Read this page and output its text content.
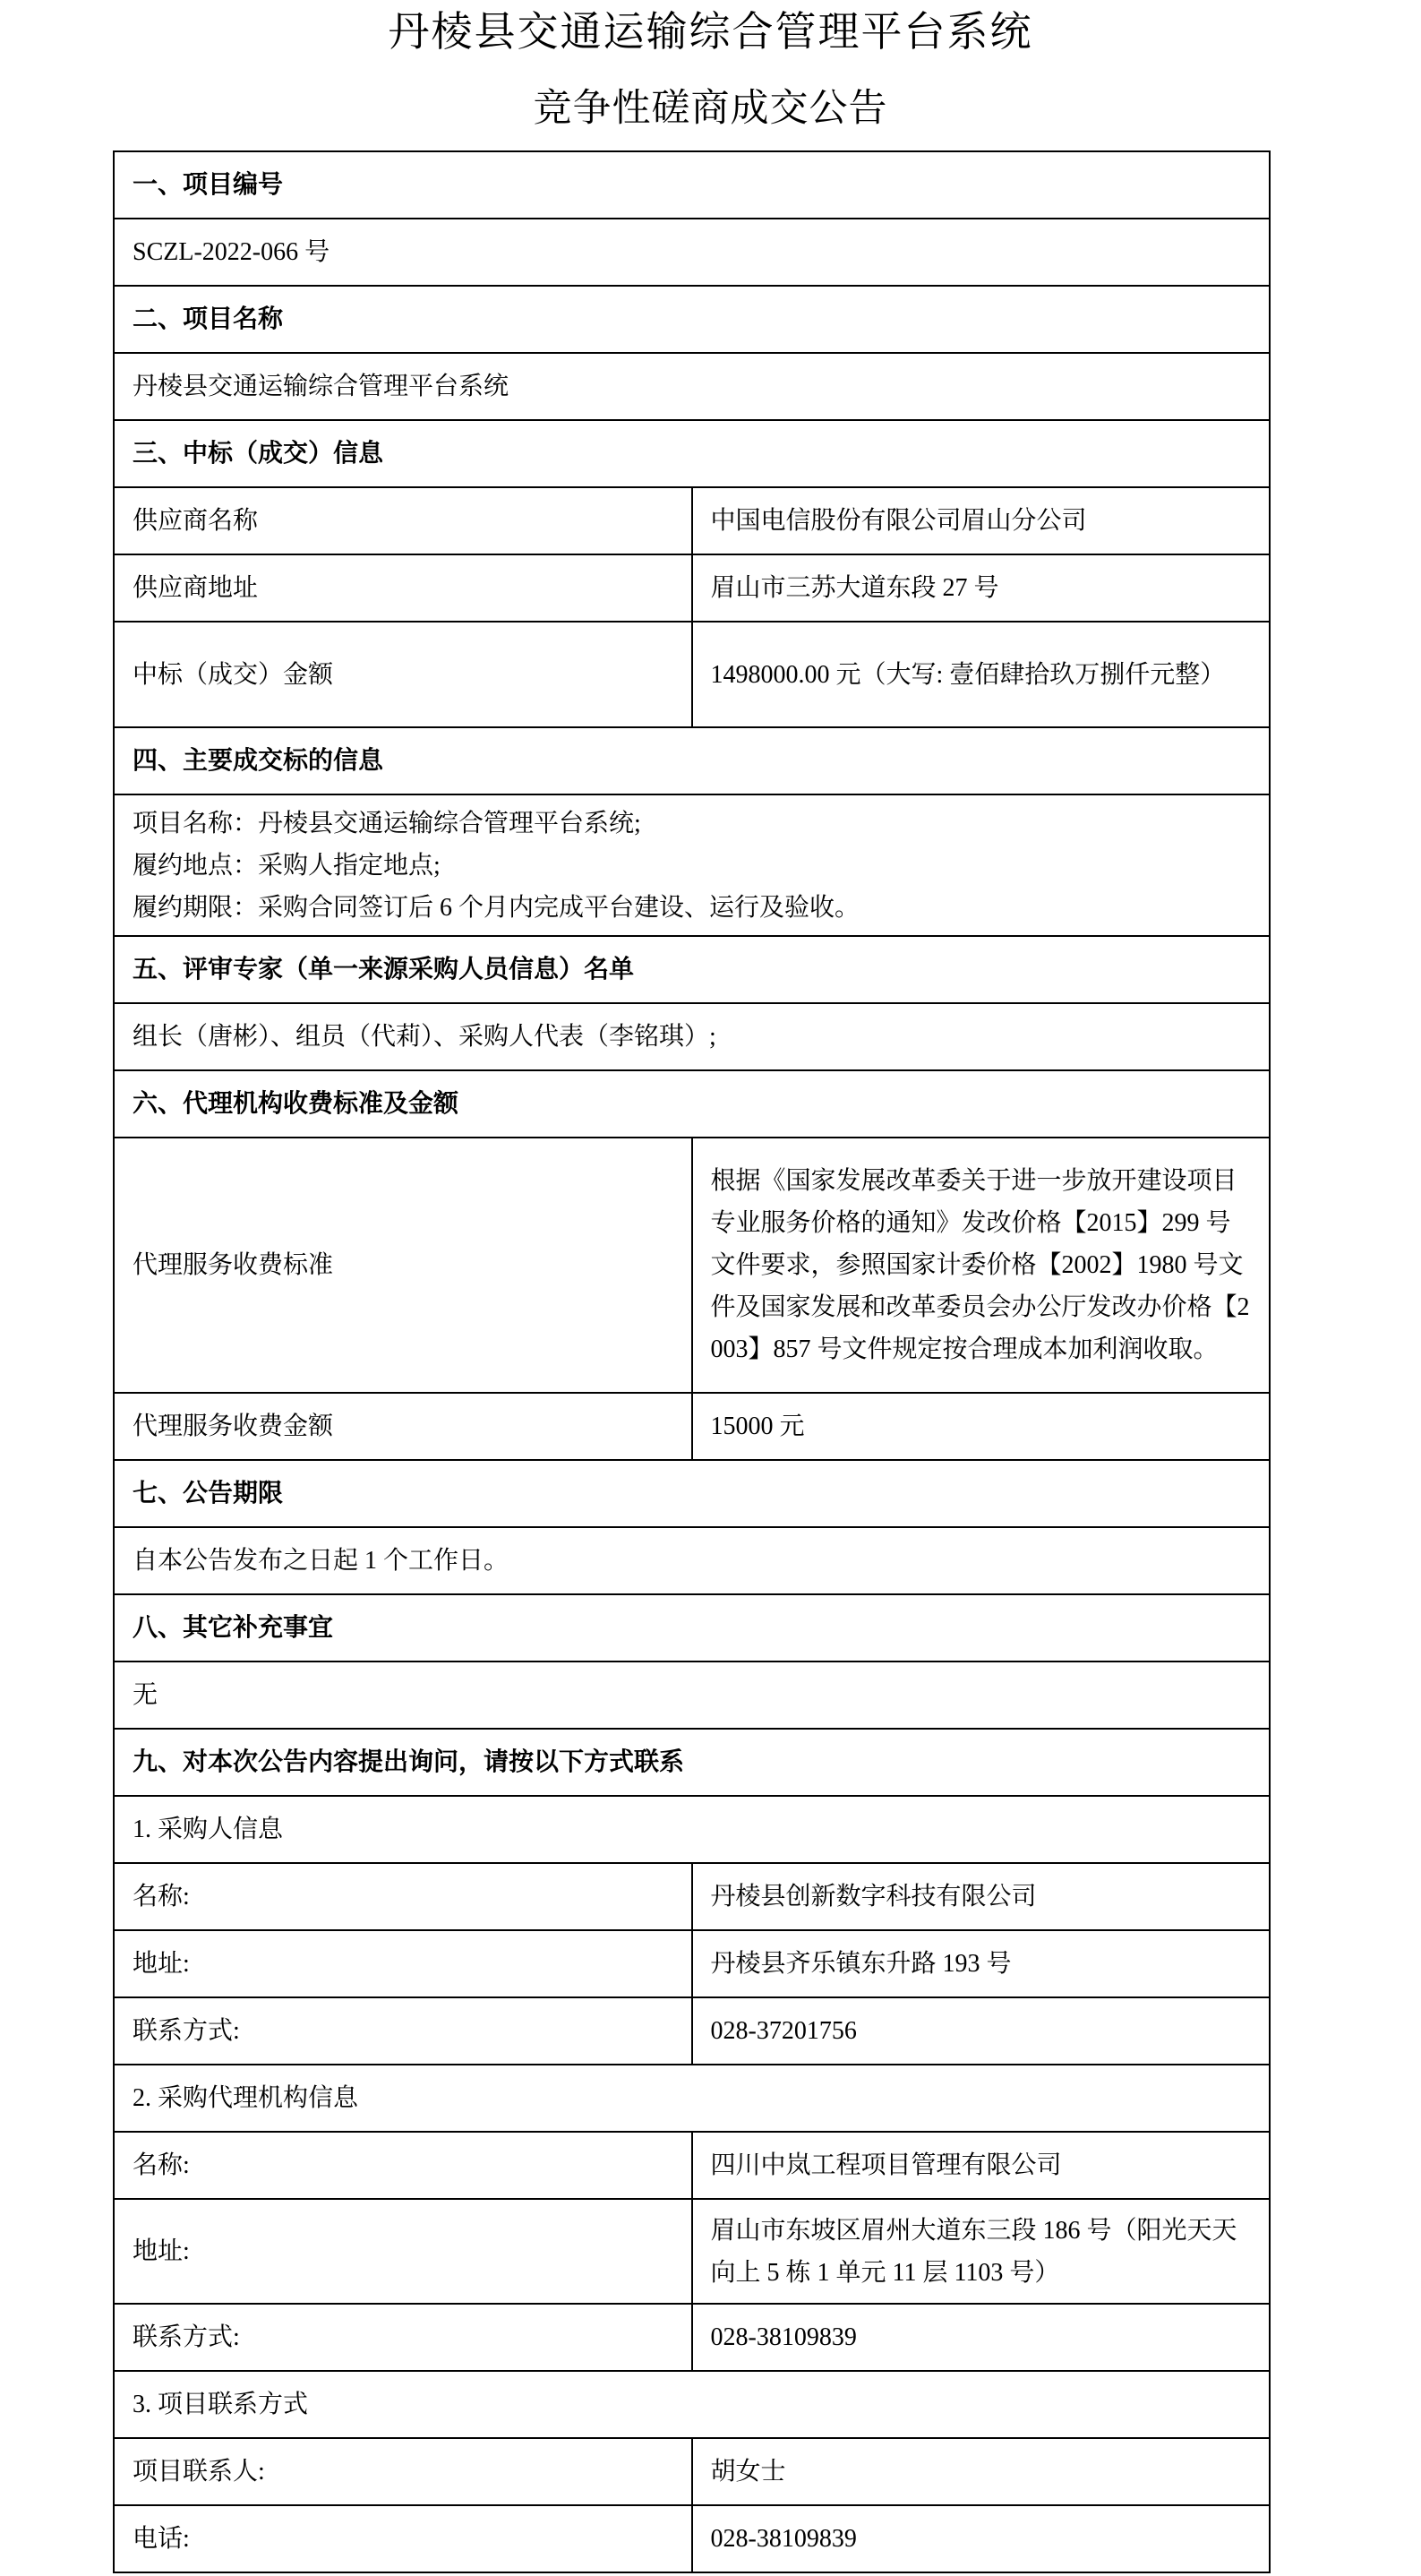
丹棱县交通运输综合管理平台系统
竞争性磋商成交公告
一、项目编号	
SCZL-2022-066 号	
二、项目名称	
丹棱县交通运输综合管理平台系统	
三、中标（成交）信息	
供应商名称	中国电信股份有限公司眉山分公司
供应商地址	眉山市三苏大道东段 27 号
中标（成交）金额	1498000.00 元（大写: 壹佰肆拾玖万捌仟元整）
四、主要成交标的信息	

项目名称：丹棱县交通运输综合管理平台系统;
履约地点：采购人指定地点;
履约期限：采购合同签订后 6 个月内完成平台建设、运行及验收。	

五、评审专家（单一来源采购人员信息）名单	
组长（唐彬）、组员（代莉）、采购人代表（李铭琪）;	
六、代理机构收费标准及金额	
代理服务收费标准	根据《国家发展改革委关于进一步放开建设项目专业服务价格的通知》发改价格【2015】299 号文件要求，参照国家计委价格【2002】1980 号文件及国家发展和改革委员会办公厅发改办价格【2003】857 号文件规定按合理成本加利润收取。
代理服务收费金额	15000 元
七、公告期限	
自本公告发布之日起 1 个工作日。	
八、其它补充事宜	
无	
九、对本次公告内容提出询问，请按以下方式联系	
1. 采购人信息	
名称:	丹棱县创新数字科技有限公司
地址:	丹棱县齐乐镇东升路 193 号
联系方式:	028-37201756
2. 采购代理机构信息	
名称:	四川中岚工程项目管理有限公司
地址:	眉山市东坡区眉州大道东三段 186 号（阳光天天向上 5 栋 1 单元 11 层 1103 号）
联系方式:	028-38109839
3. 项目联系方式	
项目联系人:	胡女士
电话:	028-38109839
